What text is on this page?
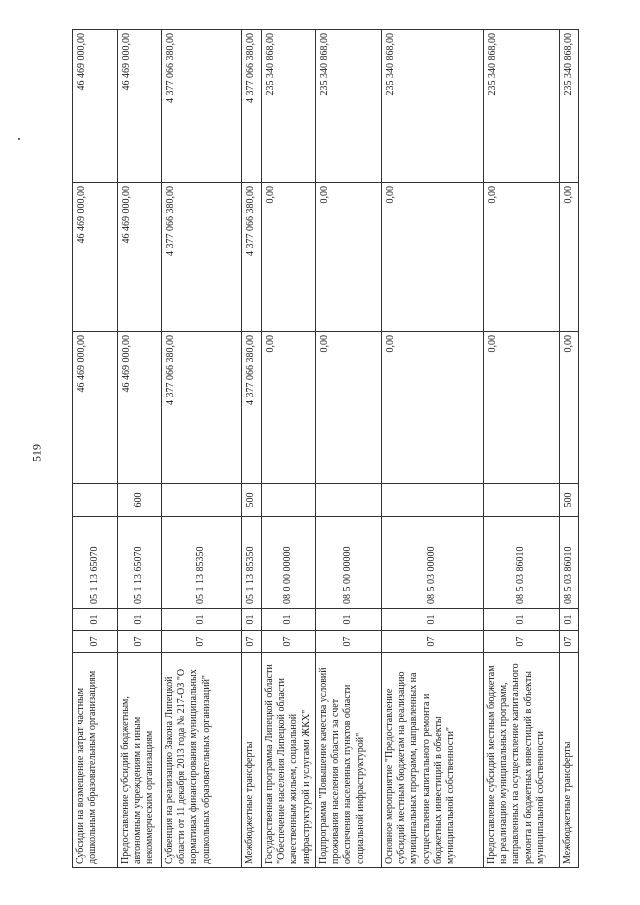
519
Субсидии на возмещение затрат частным дошкольным образовательным организациям	07	01	05 1 13 65070		46 469 000,00	46 469 000,00	46 469 000,00
Предоставление субсидий бюджетным, автономным учреждениям и иным некоммерческим организациям	07	01	05 1 13 65070	600	46 469 000,00	46 469 000,00	46 469 000,00
Субвенция на реализацию Закона Липецкой области от 11 декабря 2013 года № 217-ОЗ "О нормативах финансирования муниципальных дошкольных образовательных организаций"	07	01	05 1 13 85350		4 377 066 380,00	4 377 066 380,00	4 377 066 380,00
Межбюджетные трансферты	07	01	05 1 13 85350	500	4 377 066 380,00	4 377 066 380,00	4 377 066 380,00
Государственная программа Липецкой области "Обеспечение населения Липецкой области качественным жильем, социальной инфраструктурой и услугами ЖКХ"	07	01	08 0 00 00000		0,00	0,00	235 340 868,00
Подпрограмма "Повышение качества условий проживания населения области за счет обеспечения населенных пунктов области социальной инфраструктурой"	07	01	08 5 00 00000		0,00	0,00	235 340 868,00
Основное мероприятие "Предоставление субсидий местным бюджетам на реализацию муниципальных программ, направленных на осуществление капитального ремонта и бюджетных инвестиций в объекты муниципальной собственности"	07	01	08 5 03 00000		0,00	0,00	235 340 868,00
Предоставление субсидий местным бюджетам на реализацию муниципальных программ, направленных на осуществление капитального ремонта и бюджетных инвестиций в объекты муниципальной собственности	07	01	08 5 03 86010		0,00	0,00	235 340 868,00
Межбюджетные трансферты	07	01	08 5 03 86010	500	0,00	0,00	235 340 868,00
